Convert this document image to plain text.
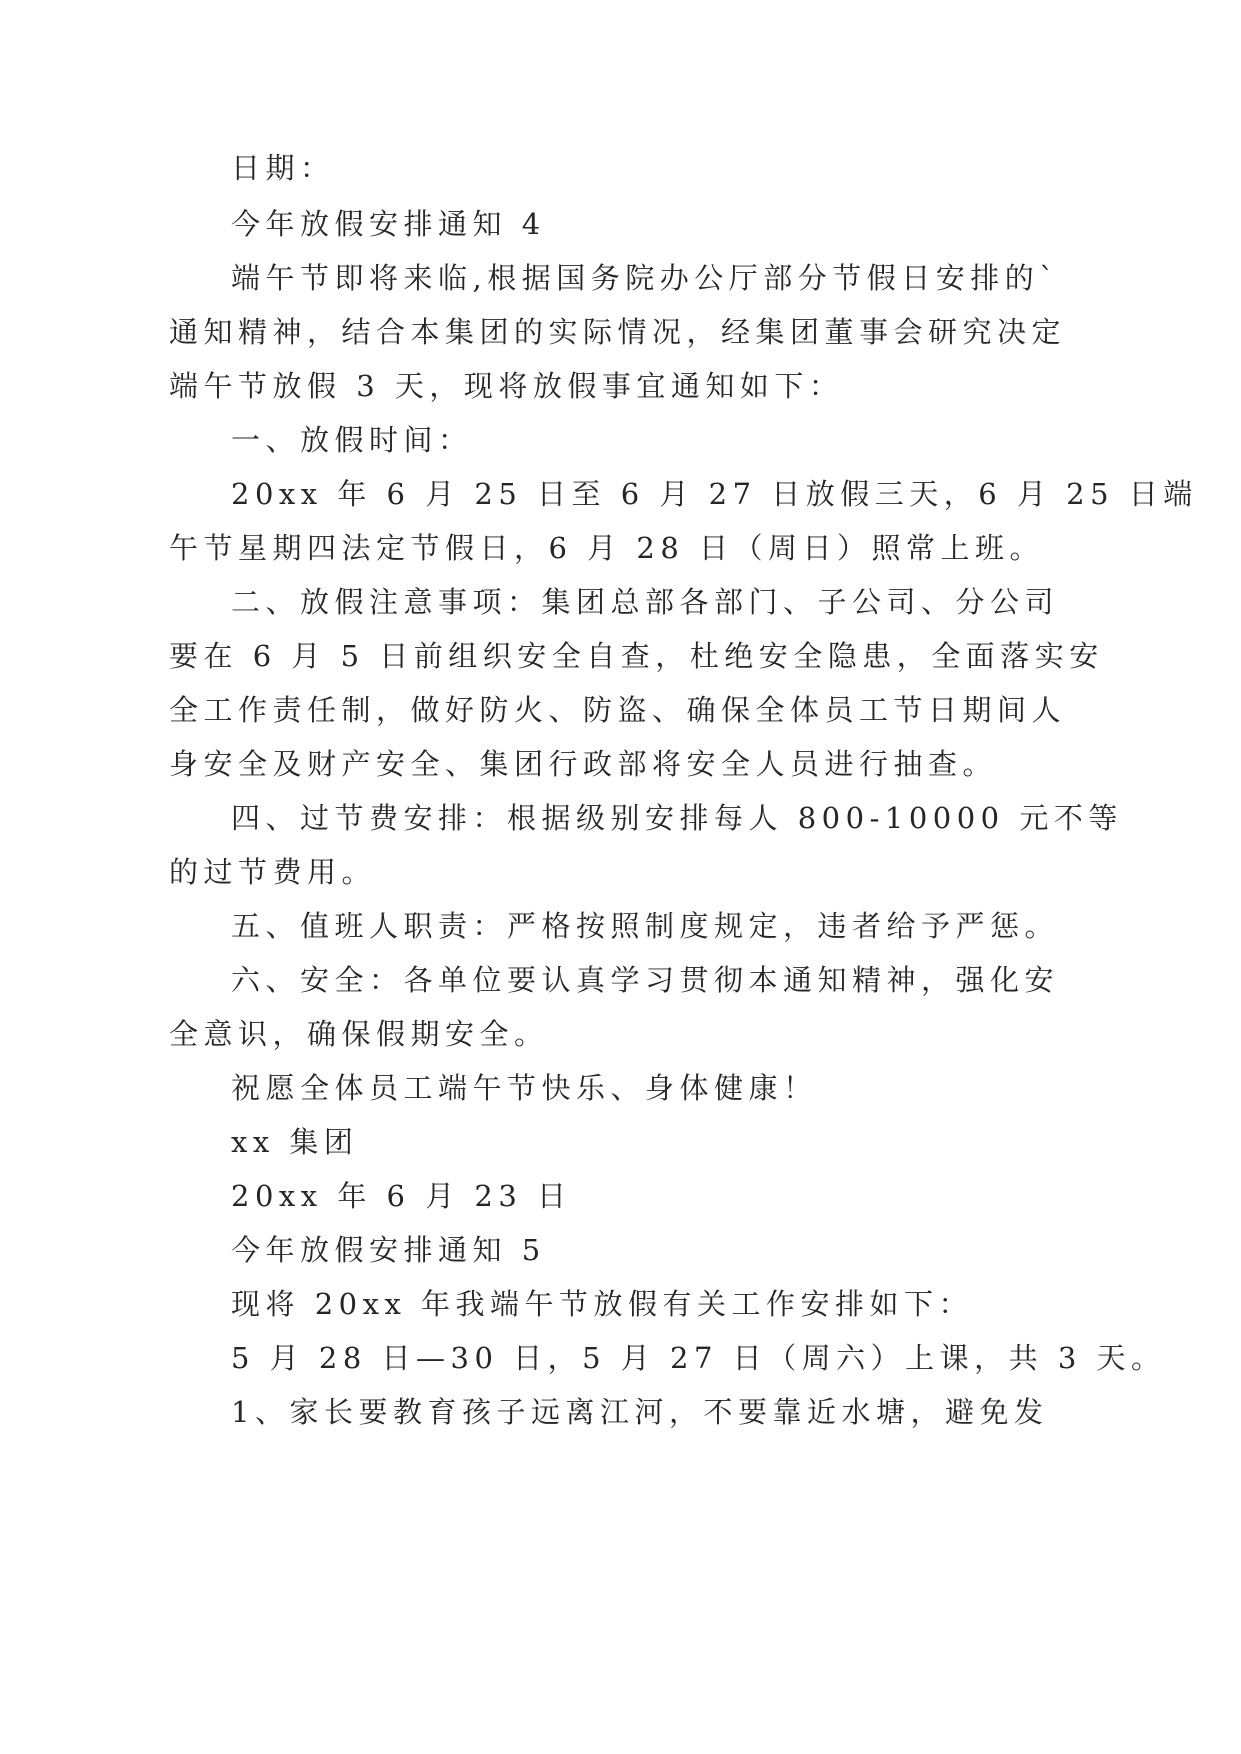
日期：
今年放假安排通知 4
端午节即将来临,根据国务院办公厅部分节假日安排的`
通知精神，结合本集团的实际情况，经集团董事会研究决定
端午节放假 3 天，现将放假事宜通知如下：
一、放假时间：
20xx 年 6 月 25 日至 6 月 27 日放假三天，6 月 25 日端
午节星期四法定节假日，6 月 28 日（周日）照常上班。
二、放假注意事项：集团总部各部门、子公司、分公司
要在 6 月 5 日前组织安全自查，杜绝安全隐患，全面落实安
全工作责任制，做好防火、防盗、确保全体员工节日期间人
身安全及财产安全、集团行政部将安全人员进行抽查。
四、过节费安排：根据级别安排每人 800-10000 元不等
的过节费用。
五、值班人职责：严格按照制度规定，违者给予严惩。
六、安全：各单位要认真学习贯彻本通知精神，强化安
全意识，确保假期安全。
祝愿全体员工端午节快乐、身体健康！
xx 集团
20xx 年 6 月 23 日
今年放假安排通知 5
现将 20xx 年我端午节放假有关工作安排如下：
5 月 28 日—30 日，5 月 27 日（周六）上课，共 3 天。
1、家长要教育孩子远离江河，不要靠近水塘，避免发
